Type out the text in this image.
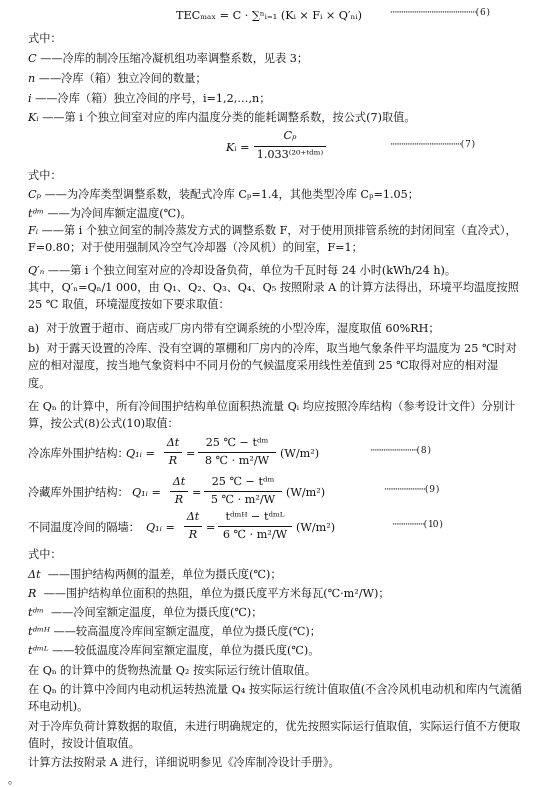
TECₘₐₓ = C · ∑ⁿᵢ₌₁ (Kᵢ × Fᵢ × Q′ₙᵢ)	··············································( 6 )
式中：
C ——冷库的制冷压缩冷凝机组功率调整系数，见表 3；
n ——冷库（箱）独立冷间的数量；
i ——冷库（箱）独立冷间的序号，i=1,2,…,n；
Kᵢ ——第 i 个独立间室对应的库内温度分类的能耗调整系数，按公式(7)取值。
Kᵢ =
Cₚ
1.033⁽²⁰⁺ᵗᵈᵐ⁾
······································( 7 )
式中：
Cₚ ——为冷库类型调整系数，装配式冷库 Cₚ=1.4，其他类型冷库 Cₚ=1.05；
tᵈᵐ ——为冷间库额定温度(℃)。
Fᵢ ——第 i 个独立间室的制冷蒸发方式的调整系数 F，对于使用顶排管系统的封闭间室（直冷式），F=0.80；对于使用强制风冷空气冷却器（冷风机）的间室，F=1；
Q′ₙ ——第 i 个独立间室对应的冷却设备负荷，单位为千瓦时每 24 小时(kWh/24 h)。
其中，Q′ₙ=Qₙ/1 000，由 Q₁、Q₂、Q₃、Q₄、Q₅ 按照附录 A 的计算方法得出，环境平均温度按照 25 ℃ 取值，环境湿度按如下要求取值：
a) 对于放置于超市、商店或厂房内带有空调系统的小型冷库，湿度取值 60%RH；
b) 对于露天设置的冷库、没有空调的罩棚和厂房内的冷库，取当地气象条件平均温度为 25 ℃时对应的相对湿度，按当地气象资料中不同月份的气候温度采用线性差值到 25 ℃取得对应的相对湿度。
在 Qₙ 的计算中，所有冷间围护结构单位面积热流量 Qᵢ 均应按照冷库结构（参考设计文件）分别计算，按公式(8)公式(10)取值：
冷冻库外围护结构：
Q₁ᵢ =
Δt
R
=
25 ℃ − tᵈᵐ
8 ℃ · m²/W
(W/m²)	·························( 8 )
冷藏库外围护结构： Q₁ᵢ =
Δt
R
=
25 ℃ − tᵈᵐ
5 ℃ · m²/W
(W/m²)	······················( 9 )
不同温度冷间的隔墙： Q₁ᵢ =
Δt
R
=
tᵈᵐᴴ − tᵈᵐᴸ
6 ℃ · m²/W
(W/m²)	·················( 10 )
式中：
Δt ——围护结构两侧的温差，单位为摄氏度(℃)；
R ——围护结构单位面积的热阻，单位为摄氏度平方米每瓦(℃·m²/W)；
tᵈᵐ ——冷间室额定温度，单位为摄氏度(℃)；
tᵈᵐᴴ ——较高温度冷库间室额定温度，单位为摄氏度(℃)；
tᵈᵐᴸ ——较低温度冷库间室额定温度，单位为摄氏度(℃)。
在 Qₙ 的计算中的货物热流量 Q₂ 按实际运行统计值取值。
在 Qₙ 的计算中冷间内电动机运转热流量 Q₄ 按实际运行统计值取值(不含冷风机电动机和库内气流循环电动机)。
对于冷库负荷计算数据的取值，未进行明确规定的，优先按照实际运行值取值，实际运行值不方便取值时，按设计值取值。
计算方法按附录 A 进行，详细说明参见《冷库制冷设计手册》。
。
